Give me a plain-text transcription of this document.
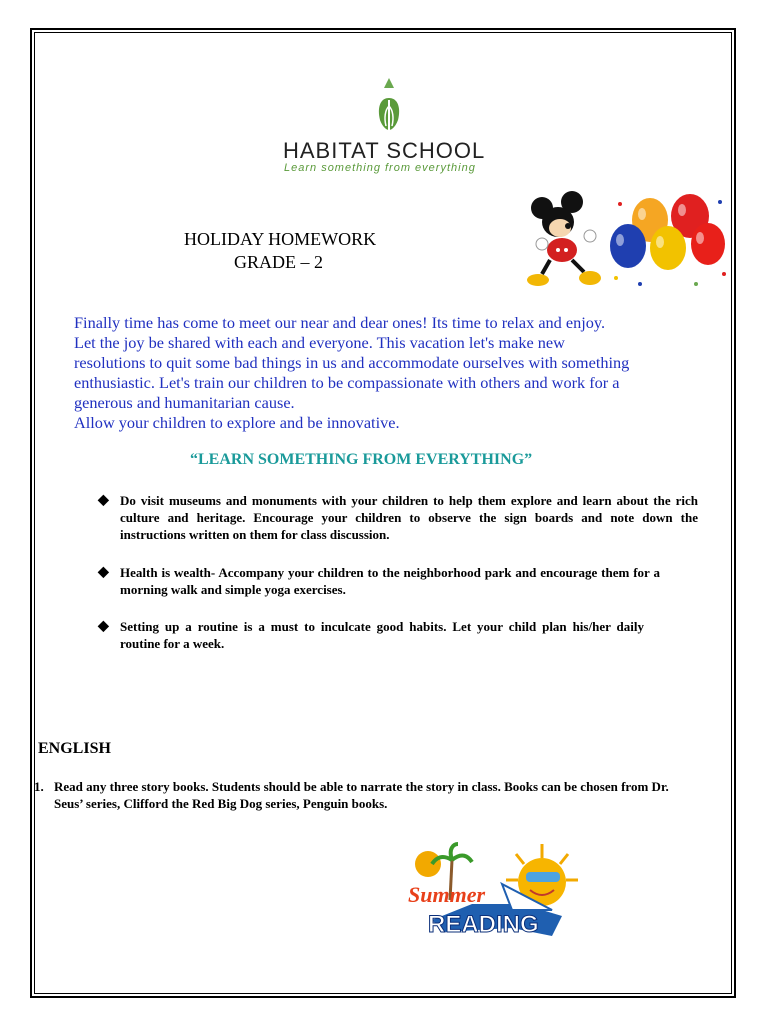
HABITAT SCHOOL
Learn something from everything
HOLIDAY HOMEWORK
GRADE – 2
Finally time has come to meet our near and dear ones! Its time to relax and enjoy.
Let the joy be shared with each and everyone. This vacation let's make new
resolutions to quit some bad things in us and accommodate ourselves with something
enthusiastic. Let's train our children to be compassionate with others and work for a
generous and humanitarian cause.
Allow your children to explore and be innovative.
“LEARN SOMETHING FROM EVERYTHING”
◆ Do visit museums and monuments with your children to help them explore and learn about the rich culture and heritage. Encourage your children to observe the sign boards and note down the instructions written on them for class discussion.
◆ Health is wealth- Accompany your children to the neighborhood park and encourage them for a morning walk and simple yoga exercises.
◆ Setting up a routine is a must to inculcate good habits. Let your child plan his/her daily routine for a week.
ENGLISH
1. Read any three story books. Students should be able to narrate the story in class. Books can be chosen from Dr. Seus’ series, Clifford the Red Big Dog series, Penguin books.
Summer
READING
